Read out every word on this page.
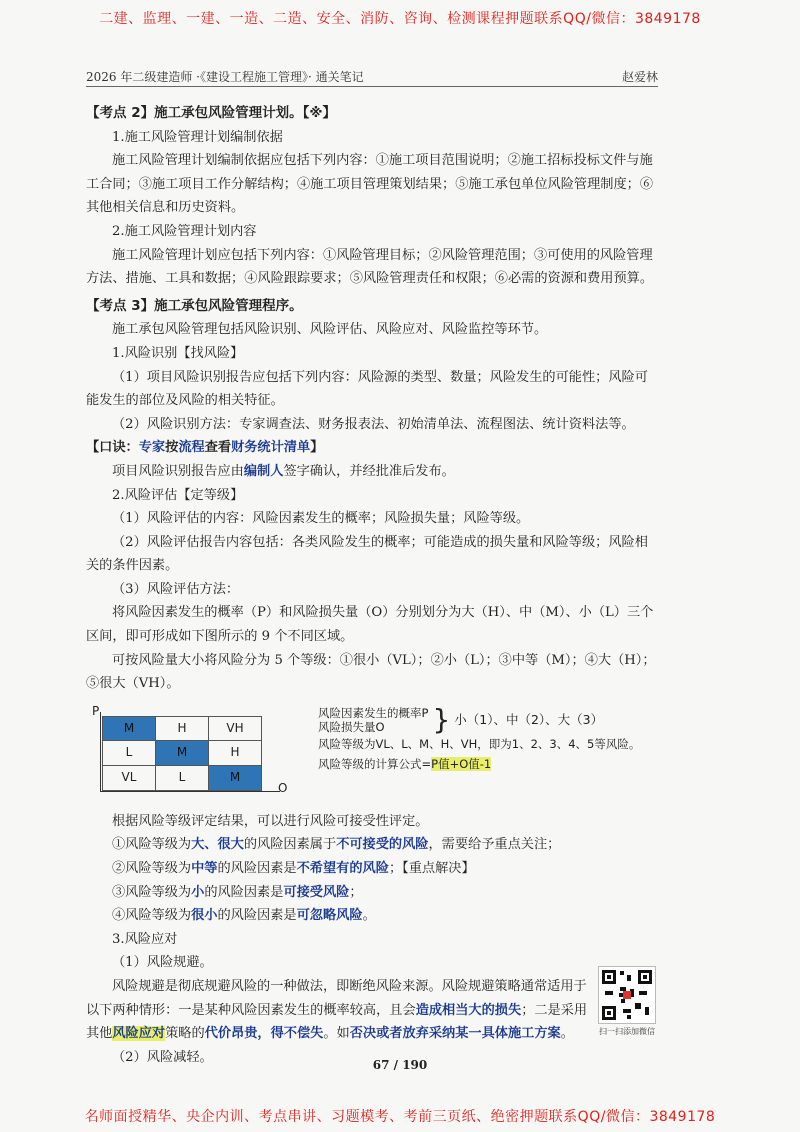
二建、监理、一建、一造、二造、安全、消防、咨询、检测课程押题联系QQ/微信：3849178
2026 年二级建造师 ·《建设工程施工管理》· 通关笔记	赵爱林

【考点 2】施工承包风险管理计划。【※】

1.施工风险管理计划编制依据

施工风险管理计划编制依据应包括下列内容：①施工项目范围说明；②施工招标投标文件与施工合同；③施工项目工作分解结构；④施工项目管理策划结果；⑤施工承包单位风险管理制度；⑥其他相关信息和历史资料。

2.施工风险管理计划内容

施工风险管理计划应包括下列内容：①风险管理目标；②风险管理范围；③可使用的风险管理方法、措施、工具和数据；④风险跟踪要求；⑤风险管理责任和权限；⑥必需的资源和费用预算。

【考点 3】施工承包风险管理程序。

施工承包风险管理包括风险识别、风险评估、风险应对、风险监控等环节。

1.风险识别【找风险】

（1）项目风险识别报告应包括下列内容：风险源的类型、数量；风险发生的可能性；风险可能发生的部位及风险的相关特征。

（2）风险识别方法：专家调查法、财务报表法、初始清单法、流程图法、统计资料法等。

【口诀：专家按流程查看财务统计清单】

项目风险识别报告应由编制人签字确认，并经批准后发布。

2.风险评估【定等级】

（1）风险评估的内容：风险因素发生的概率；风险损失量；风险等级。

（2）风险评估报告内容包括：各类风险发生的概率；可能造成的损失量和风险等级；风险相关的条件因素。

（3）风险评估方法：

将风险因素发生的概率（P）和风险损失量（O）分别划分为大（H）、中（M）、小（L）三个区间，即可形成如下图所示的 9 个不同区域。

可按风险量大小将风险分为 5 个等级：①很小（VL）；②小（L）；③中等（M）；④大（H）；⑤很大（VH）。

P
O
M	H	VH
L	M	H
VL	L	M
风险因素发生的概率P
风险损失量O } 小（1）、中（2）、大（3）
风险等级为VL、L、M、H、VH，即为1、2、3、4、5等风险。
风险等级的计算公式=P值+O值-1

根据风险等级评定结果，可以进行风险可接受性评定。

①风险等级为大、很大的风险因素属于不可接受的风险，需要给予重点关注；

②风险等级为中等的风险因素是不希望有的风险；【重点解决】

③风险等级为小的风险因素是可接受风险；

④风险等级为很小的风险因素是可忽略风险。

3.风险应对

（1）风险规避。

风险规避是彻底规避风险的一种做法，即断绝风险来源。风险规避策略通常适用于以下两种情形：一是某种风险因素发生的概率较高，且会造成相当大的损失；二是采用其他风险应对策略的代价昂贵，得不偿失。如否决或者放弃采纳某一具体施工方案。

（2）风险减轻。

扫一扫添加微信
67 / 190
名师面授精华、央企内训、考点串讲、习题模考、考前三页纸、绝密押题联系QQ/微信：3849178
